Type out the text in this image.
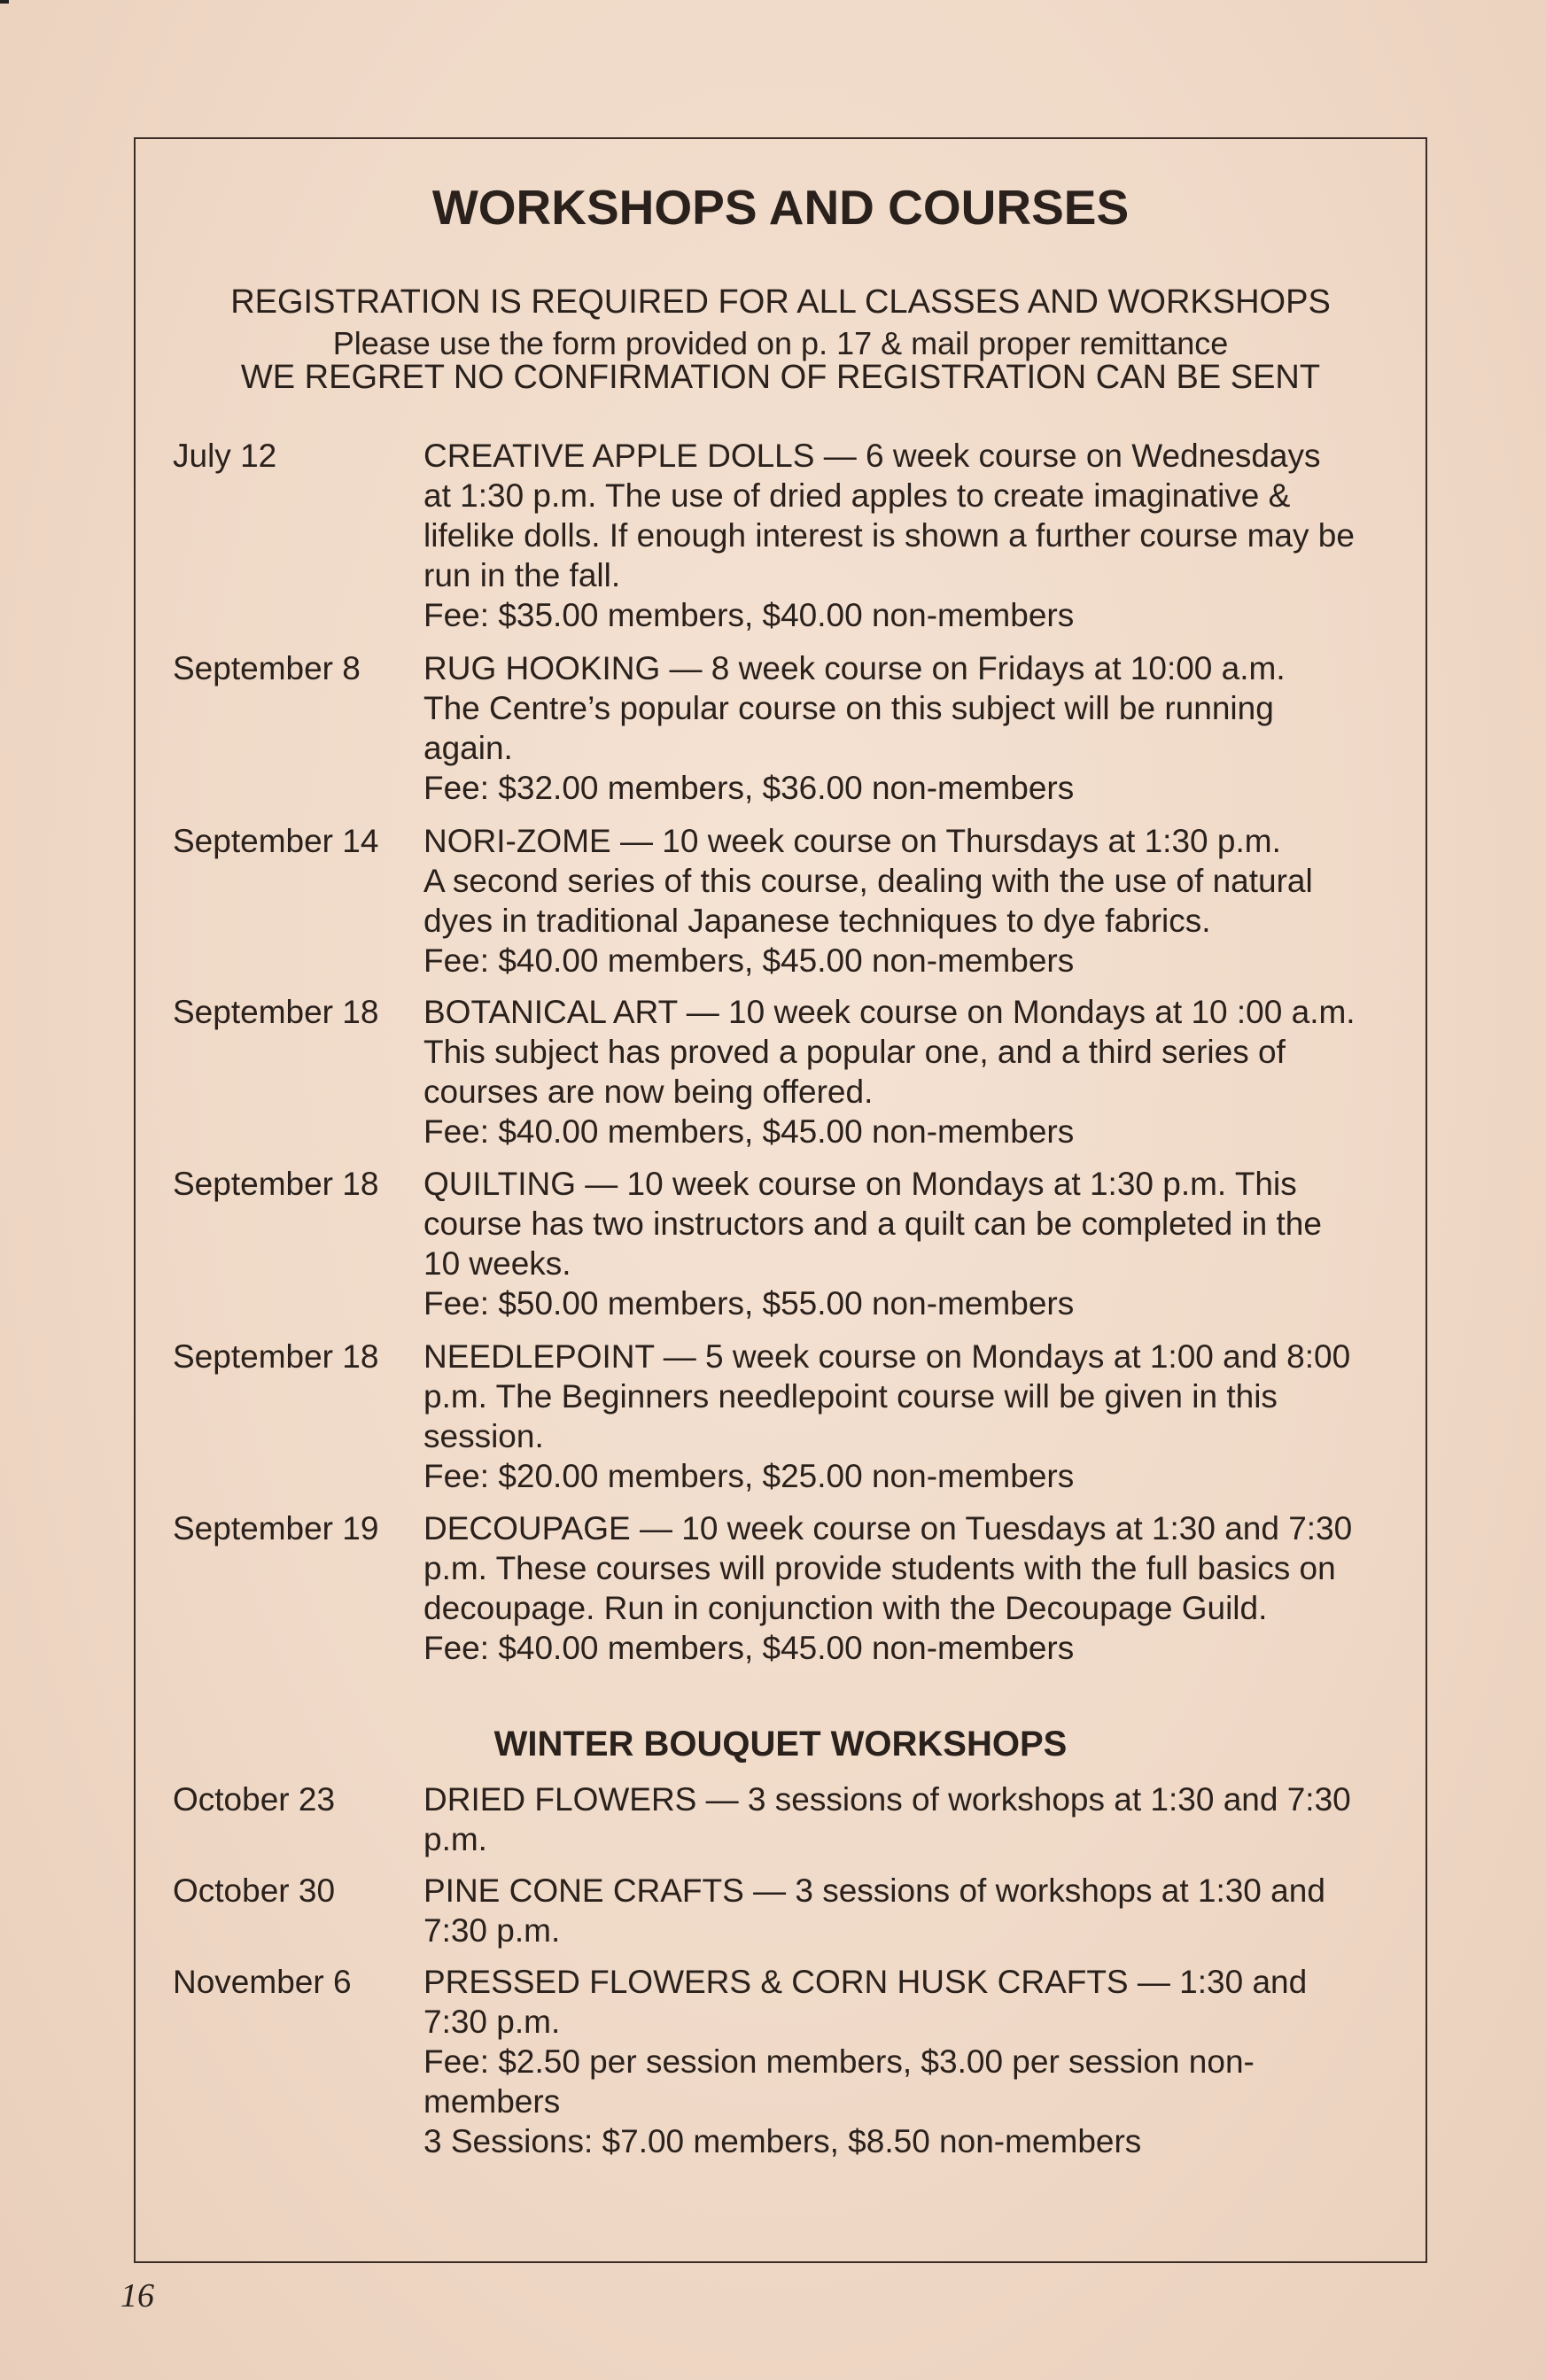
WORKSHOPS AND COURSES
REGISTRATION IS REQUIRED FOR ALL CLASSES AND WORKSHOPS
Please use the form provided on p. 17 & mail proper remittance
WE REGRET NO CONFIRMATION OF REGISTRATION CAN BE SENT
July 12	CREATIVE APPLE DOLLS — 6 week course on Wednesdays
at 1:30 p.m. The use of dried apples to create imaginative &
lifelike dolls. If enough interest is shown a further course may be
run in the fall.
Fee: $35.00 members, $40.00 non-members
September 8 RUG HOOKING — 8 week course on Fridays at 10:00 a.m.
The Centre’s popular course on this subject will be running
again.
Fee: $32.00 members, $36.00 non-members
September 14 NORI-ZOME — 10 week course on Thursdays at 1:30 p.m.
A second series of this course, dealing with the use of natural
dyes in traditional Japanese techniques to dye fabrics.
Fee: $40.00 members, $45.00 non-members
September 18 BOTANICAL ART — 10 week course on Mondays at 10 :00 a.m.
This subject has proved a popular one, and a third series of
courses are now being offered.
Fee: $40.00 members, $45.00 non-members
September 18 QUILTING — 10 week course on Mondays at 1:30 p.m. This
course has two instructors and a quilt can be completed in the
10 weeks.
Fee: $50.00 members, $55.00 non-members
September 18 NEEDLEPOINT — 5 week course on Mondays at 1:00 and 8:00
p.m. The Beginners needlepoint course will be given in this
session.
Fee: $20.00 members, $25.00 non-members
September 19 DECOUPAGE — 10 week course on Tuesdays at 1:30 and 7:30
p.m. These courses will provide students with the full basics on
decoupage. Run in conjunction with the Decoupage Guild.
Fee: $40.00 members, $45.00 non-members
WINTER BOUQUET WORKSHOPS
October 23	DRIED FLOWERS — 3 sessions of workshops at 1:30 and 7:30
p.m.
October 30	PINE CONE CRAFTS — 3 sessions of workshops at 1:30 and
7:30 p.m.
November 6 PRESSED FLOWERS & CORN HUSK CRAFTS — 1:30 and
7:30 p.m.
Fee: $2.50 per session members, $3.00 per session non-
members
3 Sessions: $7.00 members, $8.50 non-members
16
